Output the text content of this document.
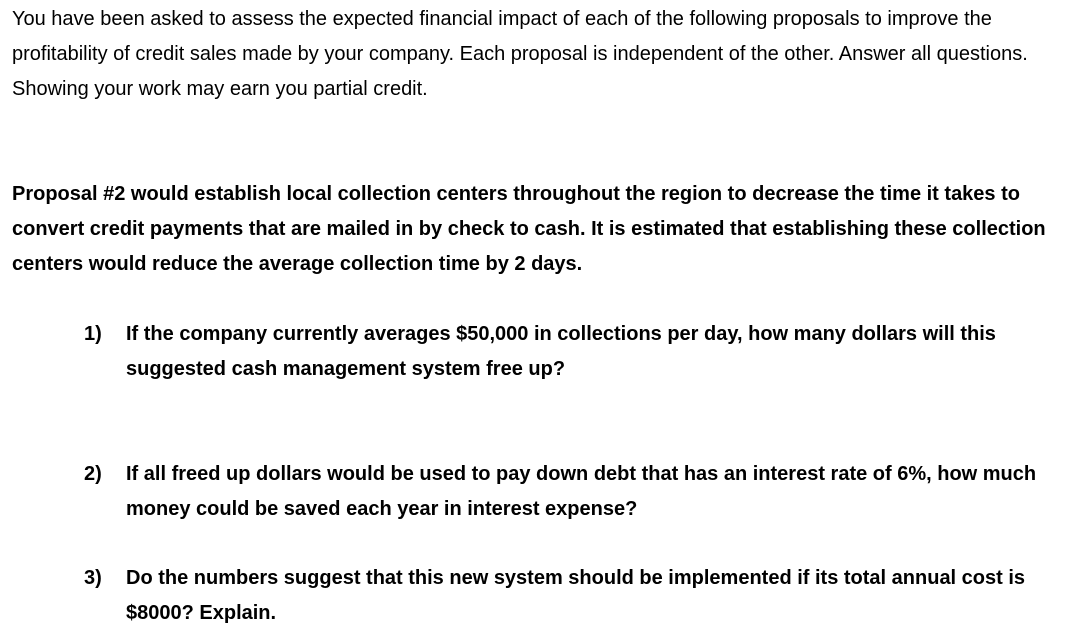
You have been asked to assess the expected financial impact of each of the following proposals to improve the profitability of credit sales made by your company. Each proposal is independent of the other. Answer all questions. Showing your work may earn you partial credit.

Proposal #2 would establish local collection centers throughout the region to decrease the time it takes to convert credit payments that are mailed in by check to cash. It is estimated that establishing these collection centers would reduce the average collection time by 2 days.

1)	If the company currently averages $50,000 in collections per day, how many dollars will this suggested cash management system free up?
2)	If all freed up dollars would be used to pay down debt that has an interest rate of 6%, how much money could be saved each year in interest expense?
3)	Do the numbers suggest that this new system should be implemented if its total annual cost is $8000? Explain.
